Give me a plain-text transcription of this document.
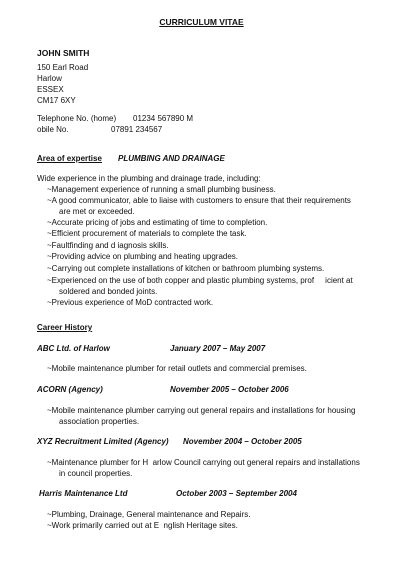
CURRICULUM VITAE
JOHN SMITH
150 Earl Road
Harlow
ESSEX
CM17 6XY
Telephone No. (home) 01234 567890 M
obile No.	07891 234567
Area of expertise PLUMBING AND DRAINAGE
Wide experience in the plumbing and drainage trade, including:
~Management experience of running a small plumbing business.
~A good communicator, able to liaise with customers to ensure that their requirements
are met or exceeded.
~Accurate pricing of jobs and estimating of time to completion.
~Efficient procurement of materials to complete the task.
~Faultfinding and d iagnosis skills.
~Providing advice on plumbing and heating upgrades.
~Carrying out complete installations of kitchen or bathroom plumbing systems.
~Experienced on the use of both copper and plastic plumbing systems, prof     icient at
soldered and bonded joints.
~Previous experience of MoD contracted work.
Career History
ABC Ltd. of Harlow	January 2007 – May 2007
~Mobile maintenance plumber for retail outlets and commercial premises.
ACORN (Agency)	November 2005 – October 2006
~Mobile maintenance plumber carrying out general repairs and installations for housing
association properties.
XYZ Recruitment Limited (Agency) November 2004 – October 2005
~Maintenance plumber for H  arlow Council carrying out general repairs and installations
in council properties.
Harris Maintenance Ltd	October 2003 – September 2004
~Plumbing, Drainage, General maintenance and Repairs.
~Work primarily carried out at E  nglish Heritage sites.
